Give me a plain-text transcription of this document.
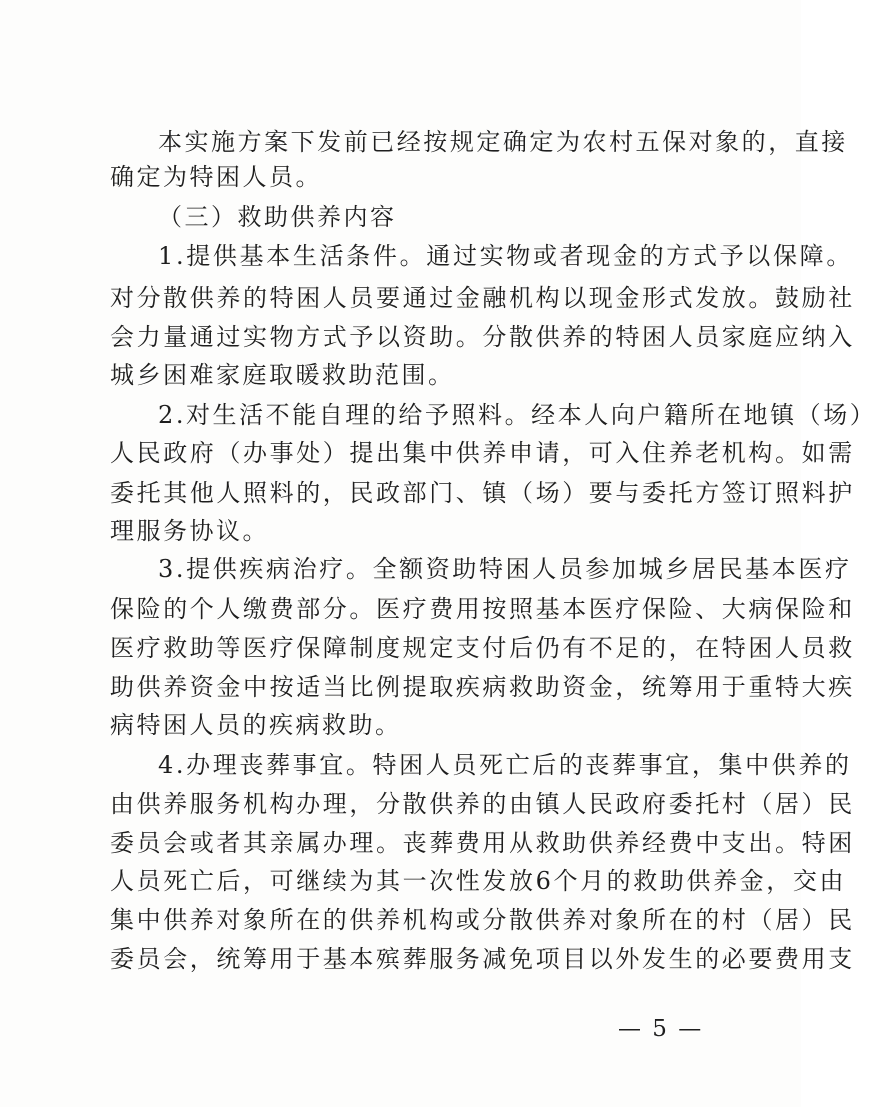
本实施方案下发前已经按规定确定为农村五保对象的，直接
确定为特困人员。
（三）救助供养内容
1.提供基本生活条件。通过实物或者现金的方式予以保障。
对分散供养的特困人员要通过金融机构以现金形式发放。鼓励社
会力量通过实物方式予以资助。分散供养的特困人员家庭应纳入
城乡困难家庭取暖救助范围。
2.对生活不能自理的给予照料。经本人向户籍所在地镇（场）
人民政府（办事处）提出集中供养申请，可入住养老机构。如需
委托其他人照料的，民政部门、镇（场）要与委托方签订照料护
理服务协议。
3.提供疾病治疗。全额资助特困人员参加城乡居民基本医疗
保险的个人缴费部分。医疗费用按照基本医疗保险、大病保险和
医疗救助等医疗保障制度规定支付后仍有不足的，在特困人员救
助供养资金中按适当比例提取疾病救助资金，统筹用于重特大疾
病特困人员的疾病救助。
4.办理丧葬事宜。特困人员死亡后的丧葬事宜，集中供养的
由供养服务机构办理，分散供养的由镇人民政府委托村（居）民
委员会或者其亲属办理。丧葬费用从救助供养经费中支出。特困
人员死亡后，可继续为其一次性发放6个月的救助供养金，交由
集中供养对象所在的供养机构或分散供养对象所在的村（居）民
委员会，统筹用于基本殡葬服务减免项目以外发生的必要费用支
— 5 —
